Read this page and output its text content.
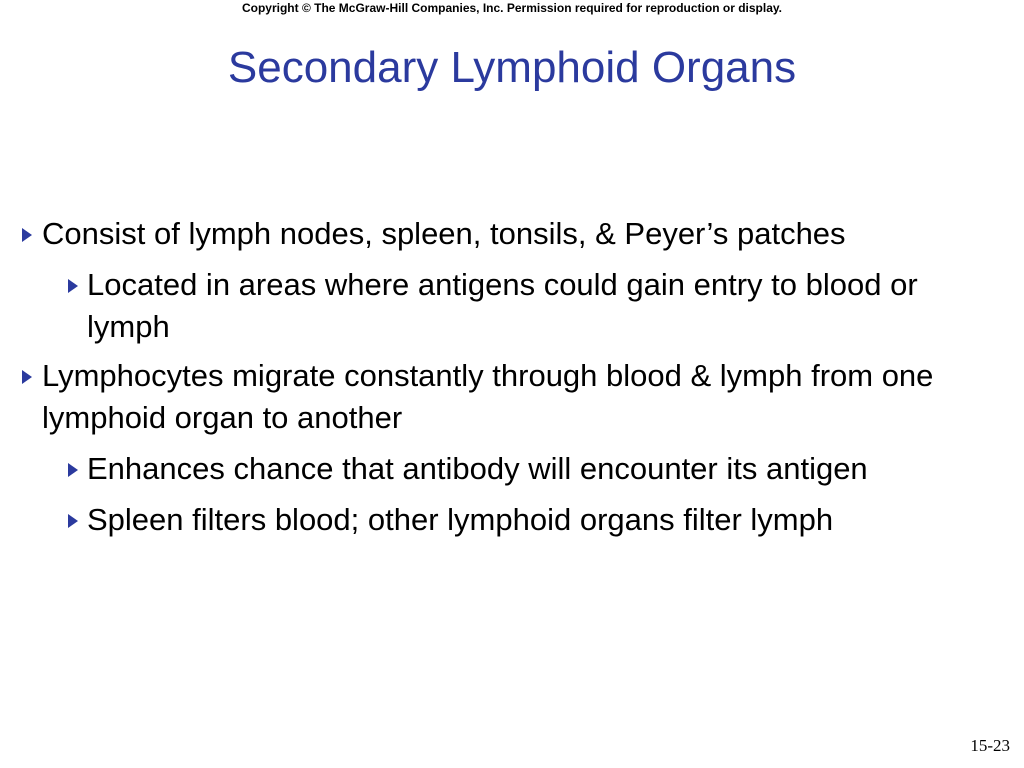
Copyright © The McGraw-Hill Companies, Inc. Permission required for reproduction or display.
Secondary Lymphoid Organs
Consist of lymph nodes, spleen, tonsils, & Peyer’s patches
Located in areas where antigens could gain entry to blood or lymph
Lymphocytes migrate constantly through blood & lymph from one lymphoid organ to another
Enhances chance that antibody will encounter its antigen
Spleen filters blood; other lymphoid organs filter lymph
15-23
